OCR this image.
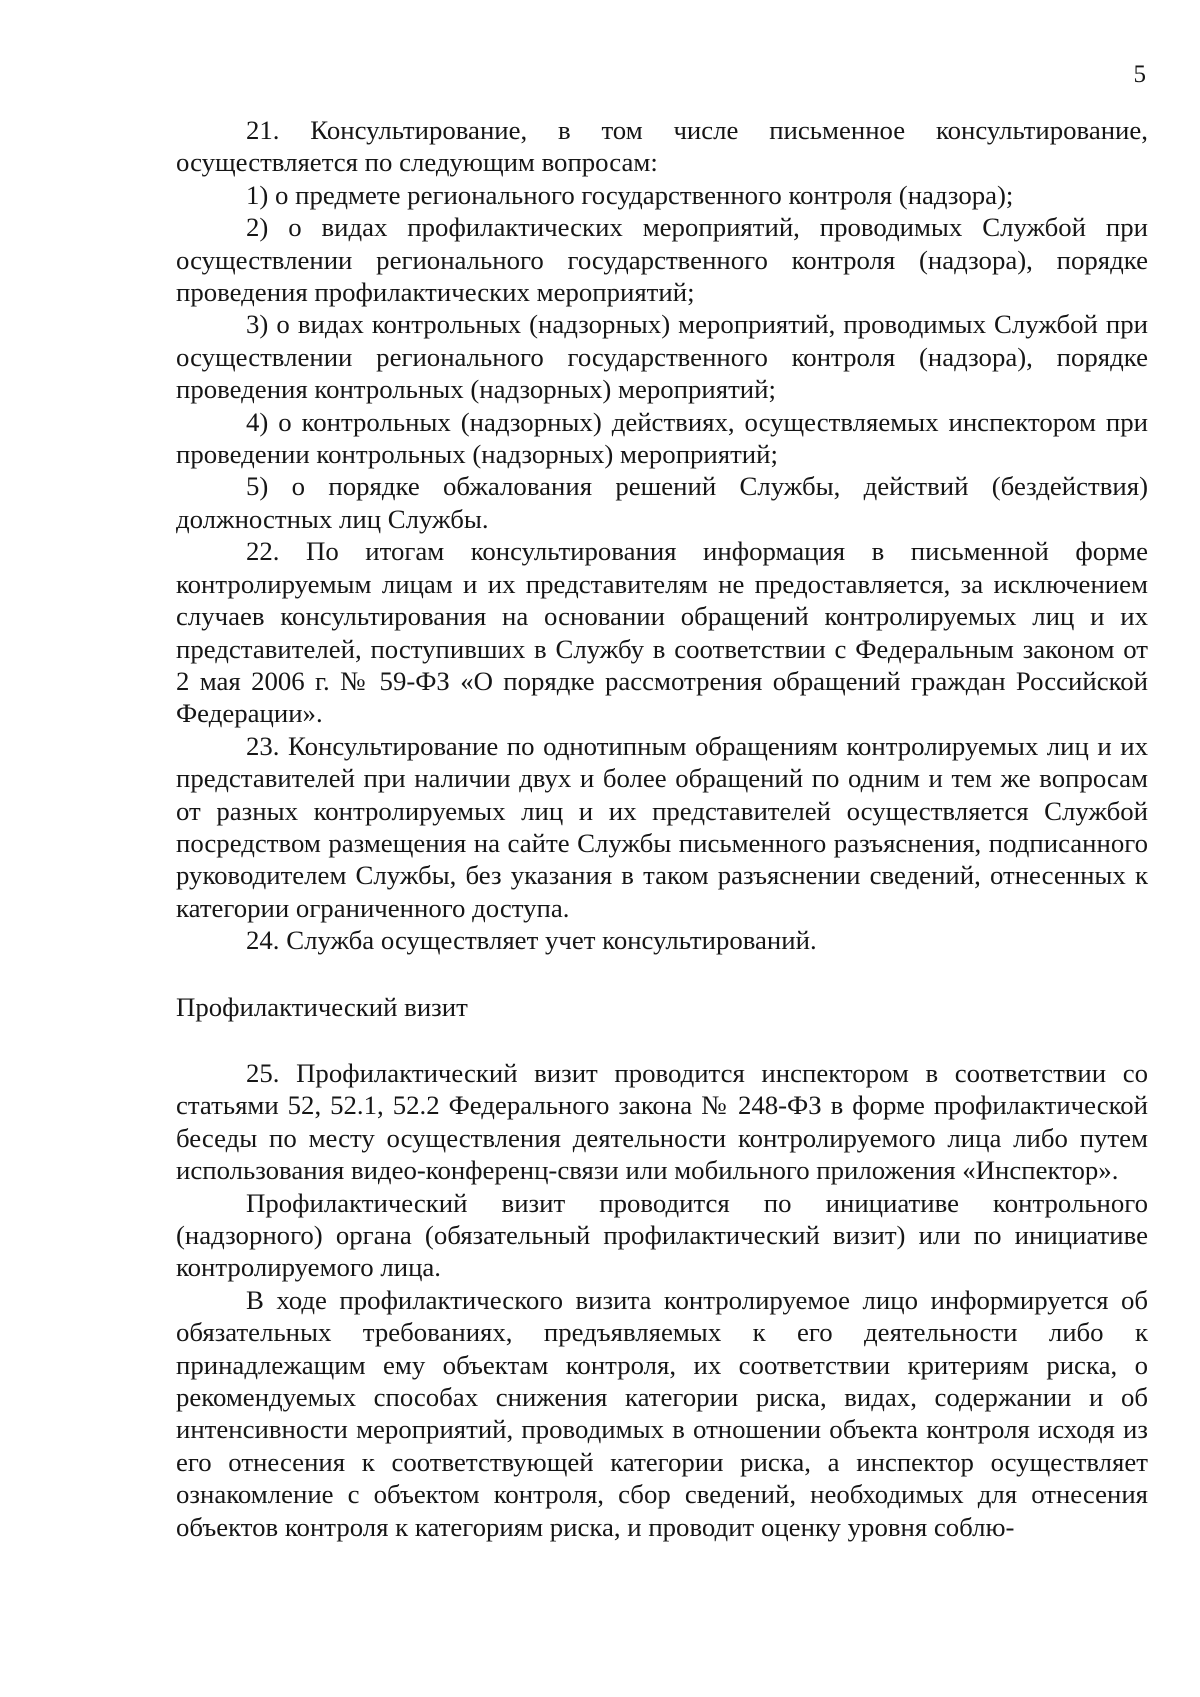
5

21. Консультирование, в том числе письменное консультирование, осуществляется по следующим вопросам:

1) о предмете регионального государственного контроля (надзора);

2) о видах профилактических мероприятий, проводимых Службой при осуществлении регионального государственного контроля (надзора), порядке проведения профилактических мероприятий;

3) о видах контрольных (надзорных) мероприятий, проводимых Службой при осуществлении регионального государственного контроля (надзора), порядке проведения контрольных (надзорных) мероприятий;

4) о контрольных (надзорных) действиях, осуществляемых инспектором при проведении контрольных (надзорных) мероприятий;

5) о порядке обжалования решений Службы, действий (бездействия) должностных лиц Службы.

22. По итогам консультирования информация в письменной форме контролируемым лицам и их представителям не предоставляется, за исключением случаев консультирования на основании обращений контролируемых лиц и их представителей, поступивших в Службу в соответствии с Федеральным законом от 2 мая 2006 г. № 59-ФЗ «О порядке рассмотрения обращений граждан Российской Федерации».

23. Консультирование по однотипным обращениям контролируемых лиц и их представителей при наличии двух и более обращений по одним и тем же вопросам от разных контролируемых лиц и их представителей осуществляется Службой посредством размещения на сайте Службы письменного разъяснения, подписанного руководителем Службы, без указания в таком разъяснении сведений, отнесенных к категории ограниченного доступа.

24. Служба осуществляет учет консультирований.

Профилактический визит

25. Профилактический визит проводится инспектором в соответствии со статьями 52, 52.1, 52.2 Федерального закона № 248-ФЗ в форме профилактической беседы по месту осуществления деятельности контролируемого лица либо путем использования видео-конференц-связи или мобильного приложения «Инспектор».

Профилактический визит проводится по инициативе контрольного (надзорного) органа (обязательный профилактический визит) или по инициативе контролируемого лица.

В ходе профилактического визита контролируемое лицо информируется об обязательных требованиях, предъявляемых к его деятельности либо к принадлежащим ему объектам контроля, их соответствии критериям риска, о рекомендуемых способах снижения категории риска, видах, содержании и об интенсивности мероприятий, проводимых в отношении объекта контроля исходя из его отнесения к соответствующей категории риска, а инспектор осуществляет ознакомление с объектом контроля, сбор сведений, необходимых для отнесения объектов контроля к категориям риска, и проводит оценку уровня соблю-
